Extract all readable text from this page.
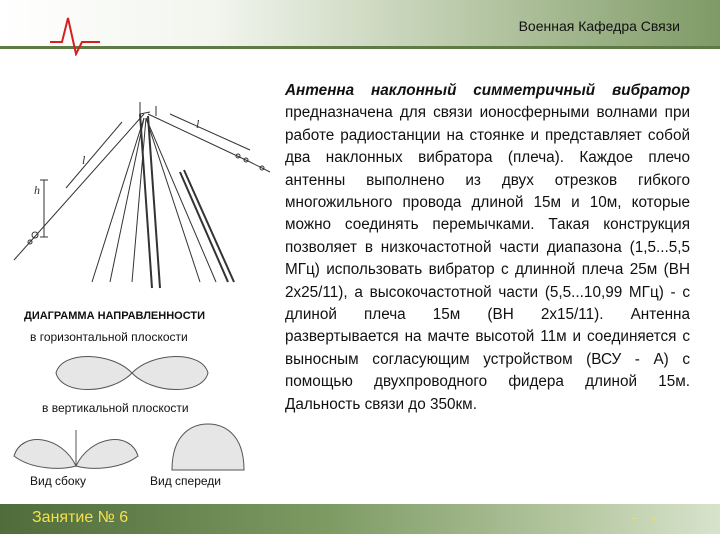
Военная Кафедра Связи
h
l
l
ДИАГРАММА НАПРАВЛЕННОСТИ
в горизонтальной плоскости
в вертикальной плоскости
Вид сбоку	Вид спереди
Антенна наклонный симметричный вибратор предназначена для связи ионосферными волнами при работе радиостанции на стоянке и представляет собой два наклонных вибратора (плеча). Каждое плечо антенны выполнено из двух отрезков гибкого многожильного провода длиной 15м и 10м, которые можно соединять перемычками. Такая конструкция позволяет в низкочастотной части диапазона (1,5...5,5 МГц) использовать вибратор с длинной плеча 25м (ВН 2х25/11), а высокочастотной части (5,5...10,99 МГц) - с длиной плеча 15м (ВН 2х15/11). Антенна развертывается на мачте высотой 11м и соединяется с выносным согласующим устройством (ВСУ - А) с помощью двухпроводного фидера длиной 15м. Дальность связи до 350км.
Занятие № 6	- -
